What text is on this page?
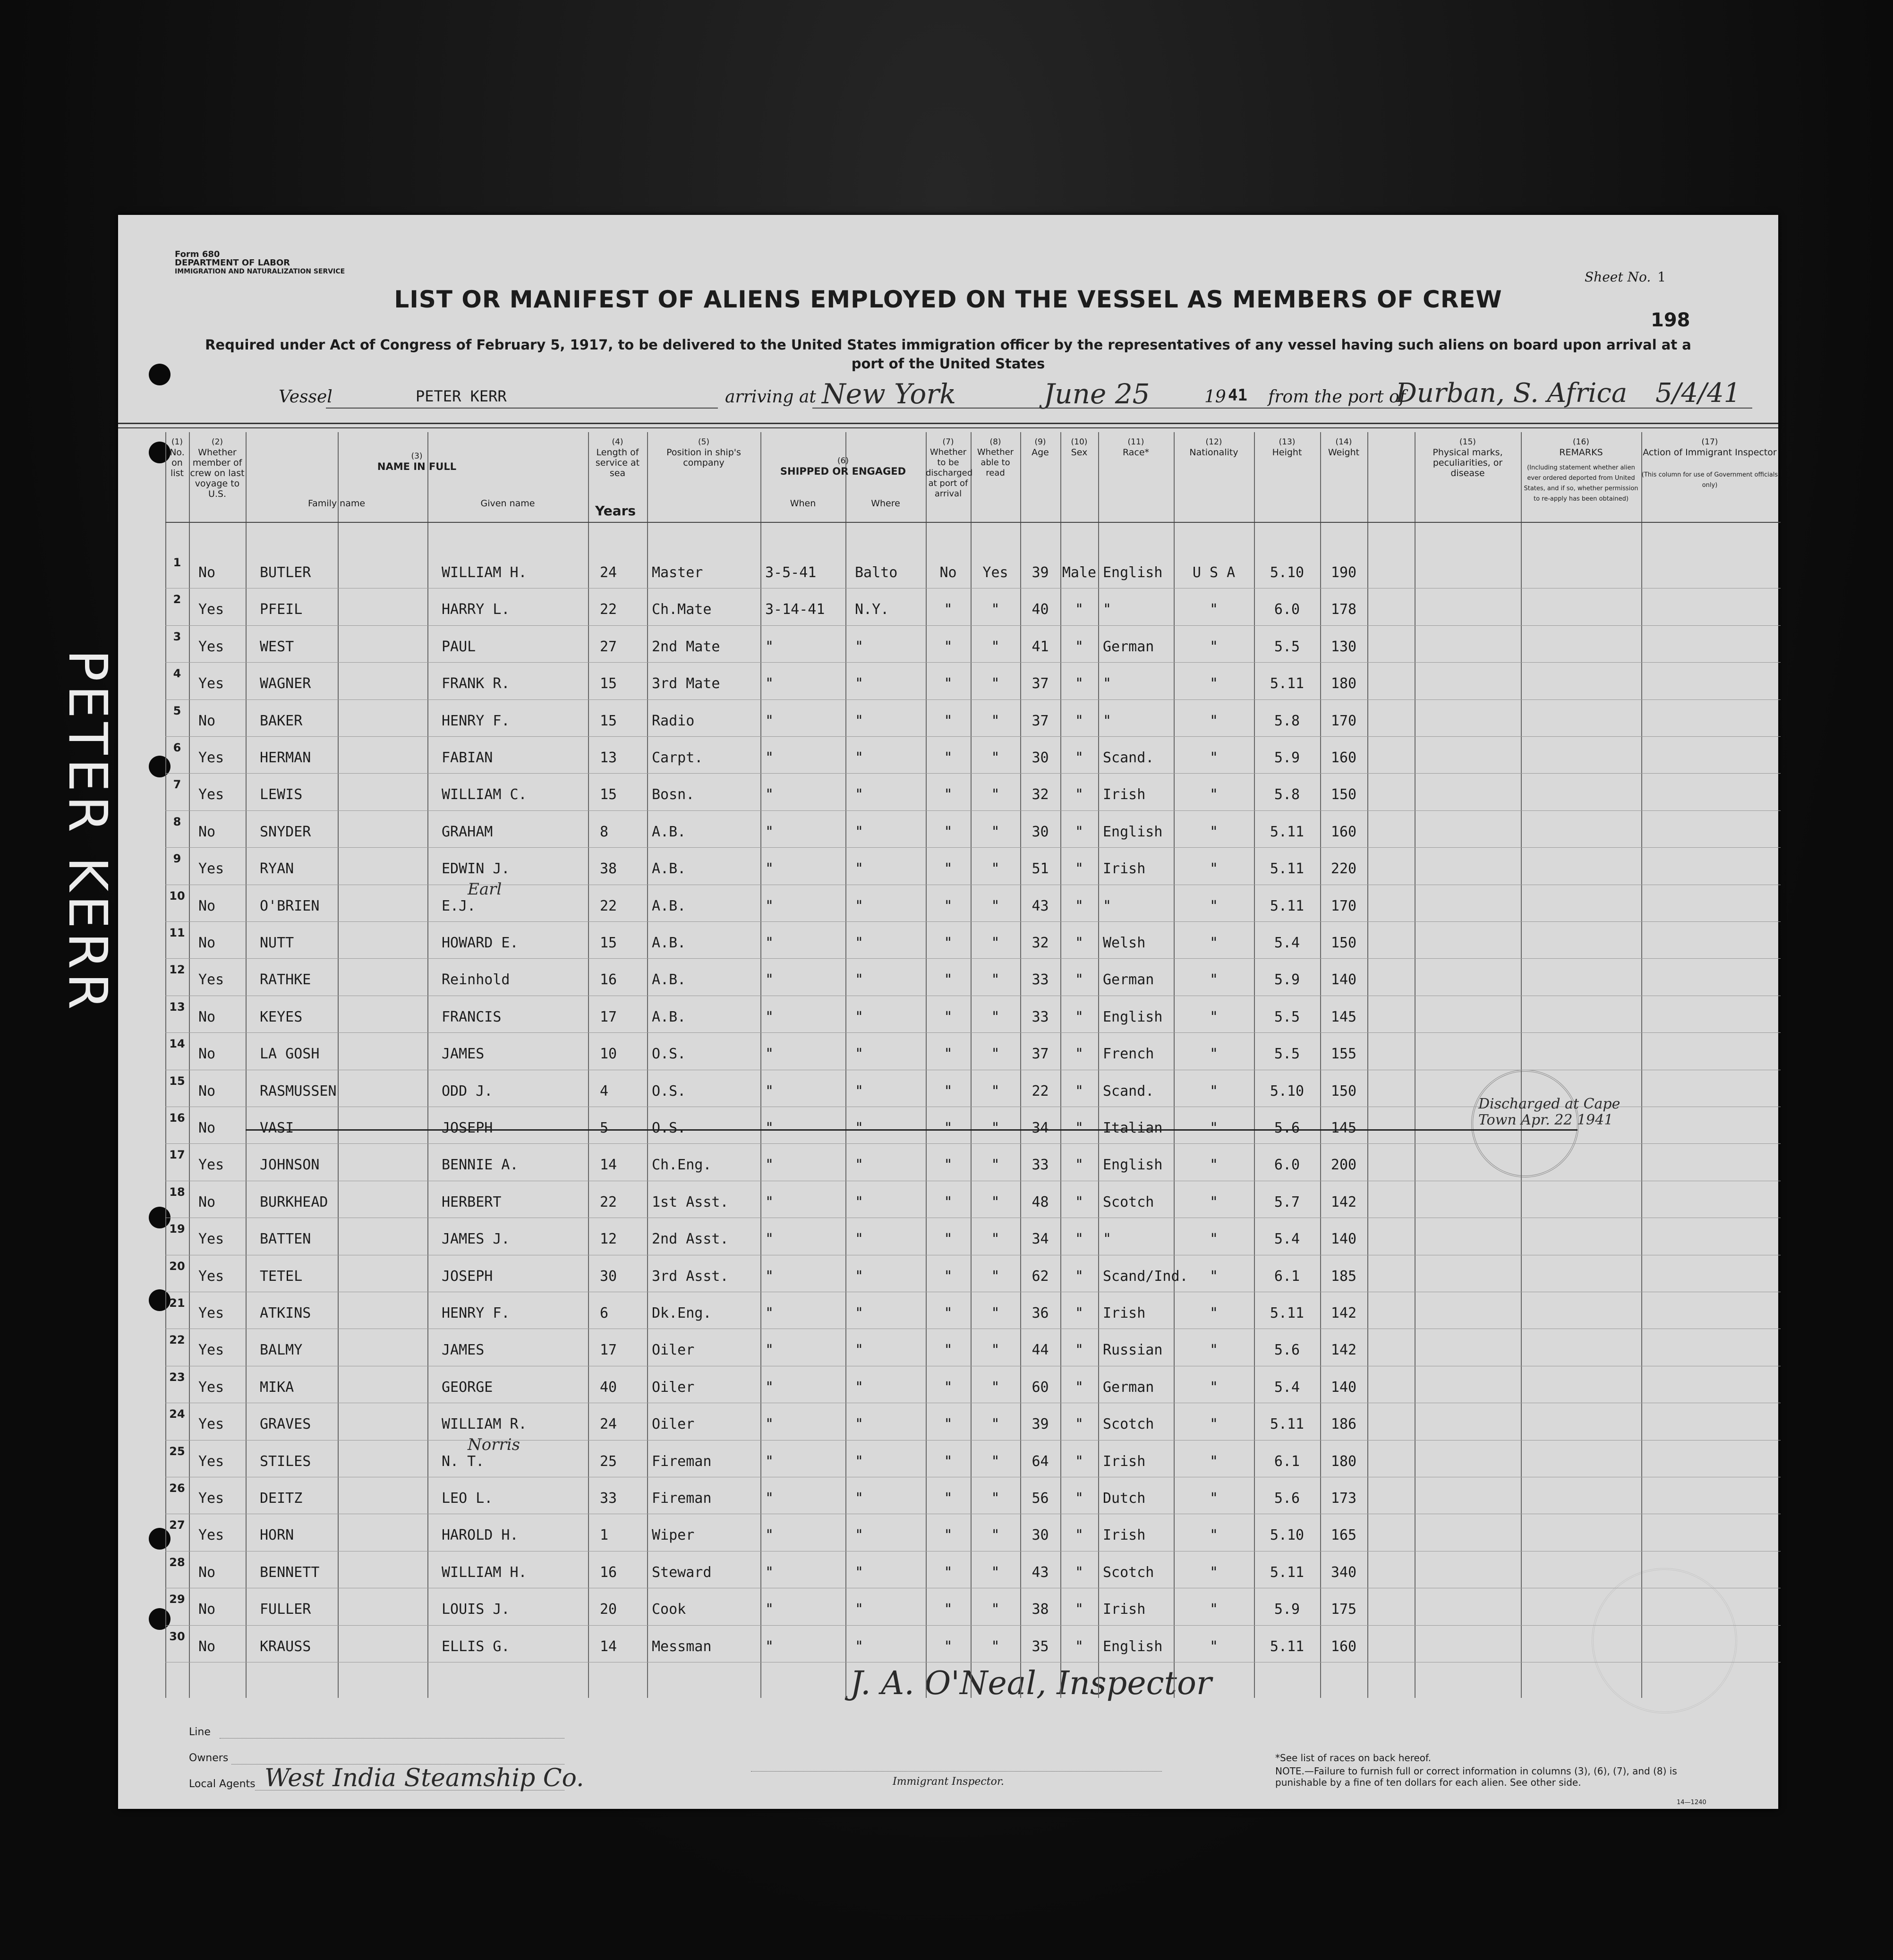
PETER KERR
Form 680
DEPARTMENT OF LABOR
IMMIGRATION AND NATURALIZATION SERVICE	Sheet No. 1
198
LIST OR MANIFEST OF ALIENS EMPLOYED ON THE VESSEL AS MEMBERS OF CREW
Required under Act of Congress of February 5, 1917, to be delivered to the United States immigration officer by the representatives of any vessel having such aliens on board upon arrival at a port of the United States
Vessel	PETER KERR	arriving at New York	June 25	19 41 from the port of
Durban, S. Africa 5/4/41
Line
Owners
Local Agents West India Steamship Co.
J. A. O'Neal, Inspector
Immigrant Inspector.
*See list of races on back hereof.
NOTE.—Failure to furnish full or correct information in columns (3), (6), (7), and (8) is punishable by a fine of ten dollars for each alien. See other side.
14—1240
(1)
No. on list
(2)
Whether member of crew on last voyage to U.S.
(3)
NAME IN FULL
Family name	Given name
(4)
Length of service at sea
(5)
Position in ship's company	(6)
SHIPPED OR ENGAGED
When	Where
(7)
Whether to be discharged at port of arrival
(8)
Whether able to read
(9)
Age
(10)
Sex
(11)
Race*
(12)
Nationality
(13)
Height
(14)
Weight
(15)
Physical marks, peculiarities, or disease
(16)
REMARKS
(Including statement whether alien ever ordered deported from United States, and if so, whether permission to re-apply has been obtained)
(17)
Action of Immigrant Inspector
(This column for use of Government officials only)
Years
1
No	BUTLER	WILLIAM H.	24	Master	3-5-41	Balto	No	Yes	39 Male English	U S A	5.10	190
2
Yes	PFEIL	HARRY L.	22	Ch.Mate	3-14-41	N.Y.	"	"	40	"	"	"	6.0	178
3
Yes	WEST	PAUL	27	2nd Mate	"	"	"	"	41	"	German	"	5.5	130
4
Yes	WAGNER	FRANK R.	15	3rd Mate	"	"	"	"	37	"	"	"	5.11	180
5
No	BAKER	HENRY F.	15	Radio	"	"	"	"	37	"	"	"	5.8	170
6
Yes	HERMAN	FABIAN	13	Carpt.	"	"	"	"	30	"	Scand.	"	5.9	160
7
Yes	LEWIS	WILLIAM C.	15	Bosn.	"	"	"	"	32	"	Irish	"	5.8	150
8
No	SNYDER	GRAHAM	8	A.B.	"	"	"	"	30	"	English	"	5.11	160
9
Yes	RYAN	EDWIN J.	38	A.B.	"	"	"	"	51	"	Irish	"	5.11	220
10
No	O'BRIEN	E.J.	22	A.B.	"	"	"	"	43	"	"	"	5.11	170
Earl
11
No	NUTT	HOWARD E.	15	A.B.	"	"	"	"	32	"	Welsh	"	5.4	150
12
Yes	RATHKE	Reinhold	16	A.B.	"	"	"	"	33	"	German	"	5.9	140
13
No	KEYES	FRANCIS	17	A.B.	"	"	"	"	33	"	English	"	5.5	145
14
No	LA GOSH	JAMES	10	O.S.	"	"	"	"	37	"	French	"	5.5	155
15
No	RASMUSSEN	ODD J.	4	O.S.	"	"	"	"	22	"	Scand.	"	5.10	150
16
No	VASI	JOSEPH	5	O.S.	"	"	"	"	34	"	Italian	"	5.6	145
Discharged at Cape Town Apr. 22 1941
17
Yes	JOHNSON	BENNIE A.	14	Ch.Eng.	"	"	"	"	33	"	English	"	6.0	200
18
No	BURKHEAD	HERBERT	22	1st Asst.	"	"	"	"	48	"	Scotch	"	5.7	142
19
Yes	BATTEN	JAMES J.	12	2nd Asst.	"	"	"	"	34	"	"	"	5.4	140
20
Yes	TETEL	JOSEPH	30	3rd Asst.	"	"	"	"	62	"	Scand/Ind.	"	6.1	185
21
Yes	ATKINS	HENRY F.	6	Dk.Eng.	"	"	"	"	36	"	Irish	"	5.11	142
22
Yes	BALMY	JAMES	17	Oiler	"	"	"	"	44	"	Russian	"	5.6	142
23
Yes	MIKA	GEORGE	40	Oiler	"	"	"	"	60	"	German	"	5.4	140
24
Yes	GRAVES	WILLIAM R.	24	Oiler	"	"	"	"	39	"	Scotch	"	5.11	186
25
Yes	STILES	N. T.	25	Fireman	"	"	"	"	64	"	Irish	"	6.1	180
Norris
26
Yes	DEITZ	LEO L.	33	Fireman	"	"	"	"	56	"	Dutch	"	5.6	173
27
Yes	HORN	HAROLD H.	1	Wiper	"	"	"	"	30	"	Irish	"	5.10	165
28
No	BENNETT	WILLIAM H.	16	Steward	"	"	"	"	43	"	Scotch	"	5.11	340
29
No	FULLER	LOUIS J.	20	Cook	"	"	"	"	38	"	Irish	"	5.9	175
30
No	KRAUSS	ELLIS G.	14	Messman	"	"	"	"	35	"	English	"	5.11	160
